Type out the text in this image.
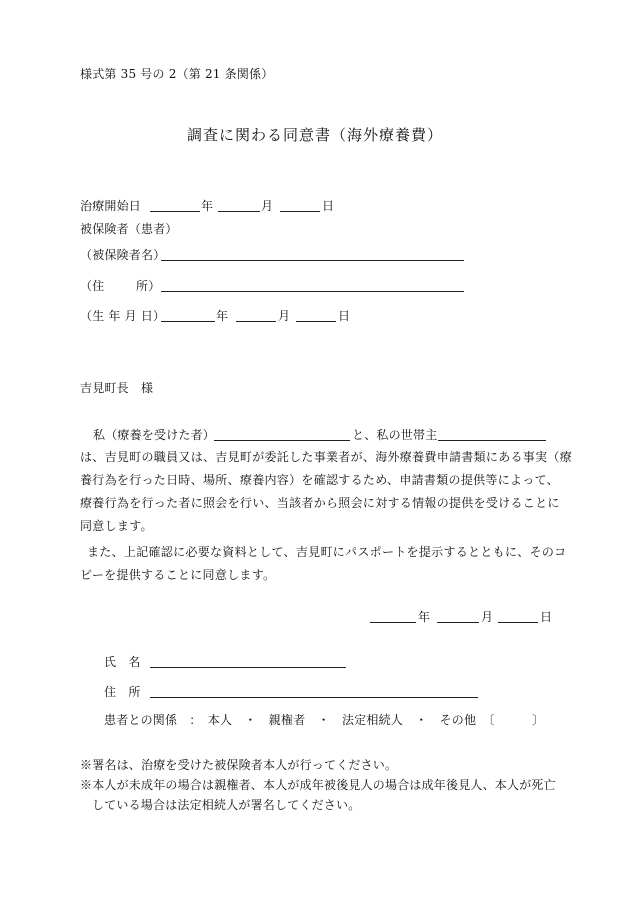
様式第 35 号の 2（第 21 条関係）
調査に関わる同意書（海外療養費）
治療開始日	年	月	日
被保険者（患者）
（被保険者名）
（住	所）
（生 年 月 日）	年	月	日
吉見町長　様
私（療養を受けた者）	と、私の世帯主
は、吉見町の職員又は、吉見町が委託した事業者が、海外療養費申請書類にある事実（療
養行為を行った日時、場所、療養内容）を確認するため、申請書類の提供等によって、
療養行為を行った者に照会を行い、当該者から照会に対する情報の提供を受けることに
同意します。
また、上記確認に必要な資料として、吉見町にパスポートを提示するとともに、そのコ
ピーを提供することに同意します。
年	月	日
氏　名
住　所
患者との関係　：　本人　・　親権者　・　法定相続人　・　その他　〔	〕
※署名は、治療を受けた被保険者本人が行ってください。
※本人が未成年の場合は親権者、本人が成年被後見人の場合は成年後見人、本人が死亡
している場合は法定相続人が署名してください。
